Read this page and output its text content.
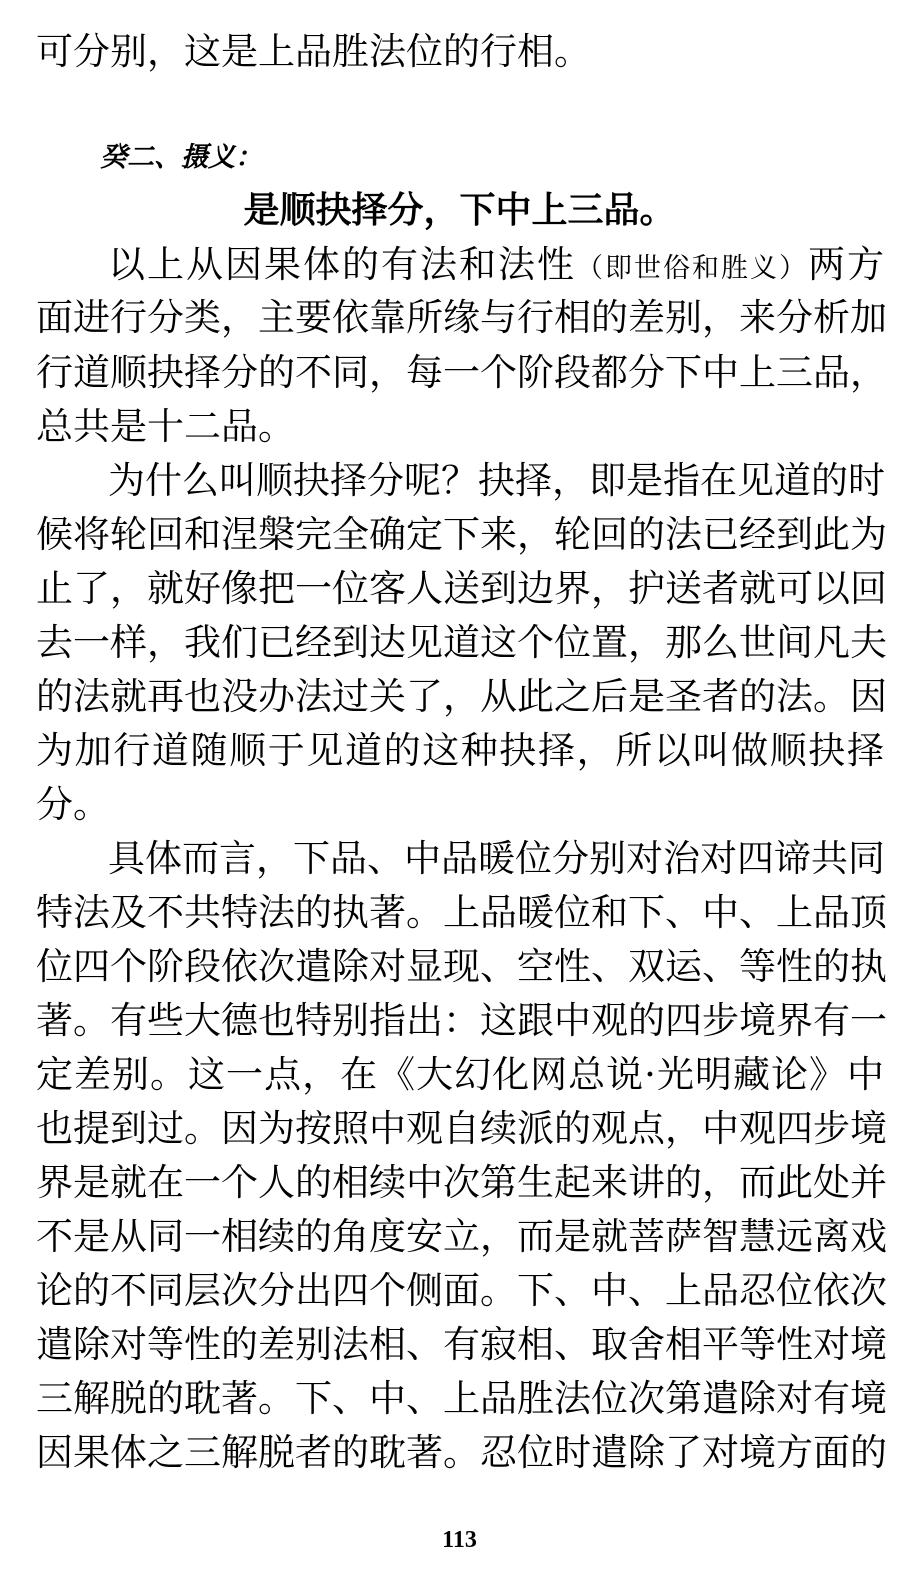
可分别，这是上品胜法位的行相。
癸二、摄义：
是顺抉择分，下中上三品。
以上从因果体的有法和法性（即世俗和胜义）两方
面进行分类，主要依靠所缘与行相的差别，来分析加
行道顺抉择分的不同，每一个阶段都分下中上三品，
总共是十二品。
为什么叫顺抉择分呢？抉择，即是指在见道的时
候将轮回和涅槃完全确定下来，轮回的法已经到此为
止了，就好像把一位客人送到边界，护送者就可以回
去一样，我们已经到达见道这个位置，那么世间凡夫
的法就再也没办法过关了，从此之后是圣者的法。因
为加行道随顺于见道的这种抉择，所以叫做顺抉择
分。
具体而言，下品、中品暖位分别对治对四谛共同
特法及不共特法的执著。上品暖位和下、中、上品顶
位四个阶段依次遣除对显现、空性、双运、等性的执
著。有些大德也特别指出：这跟中观的四步境界有一
定差别。这一点，在《大幻化网总说·光明藏论》中
也提到过。因为按照中观自续派的观点，中观四步境
界是就在一个人的相续中次第生起来讲的，而此处并
不是从同一相续的角度安立，而是就菩萨智慧远离戏
论的不同层次分出四个侧面。下、中、上品忍位依次
遣除对等性的差别法相、有寂相、取舍相平等性对境
三解脱的耽著。下、中、上品胜法位次第遣除对有境
因果体之三解脱者的耽著。忍位时遣除了对境方面的
113
